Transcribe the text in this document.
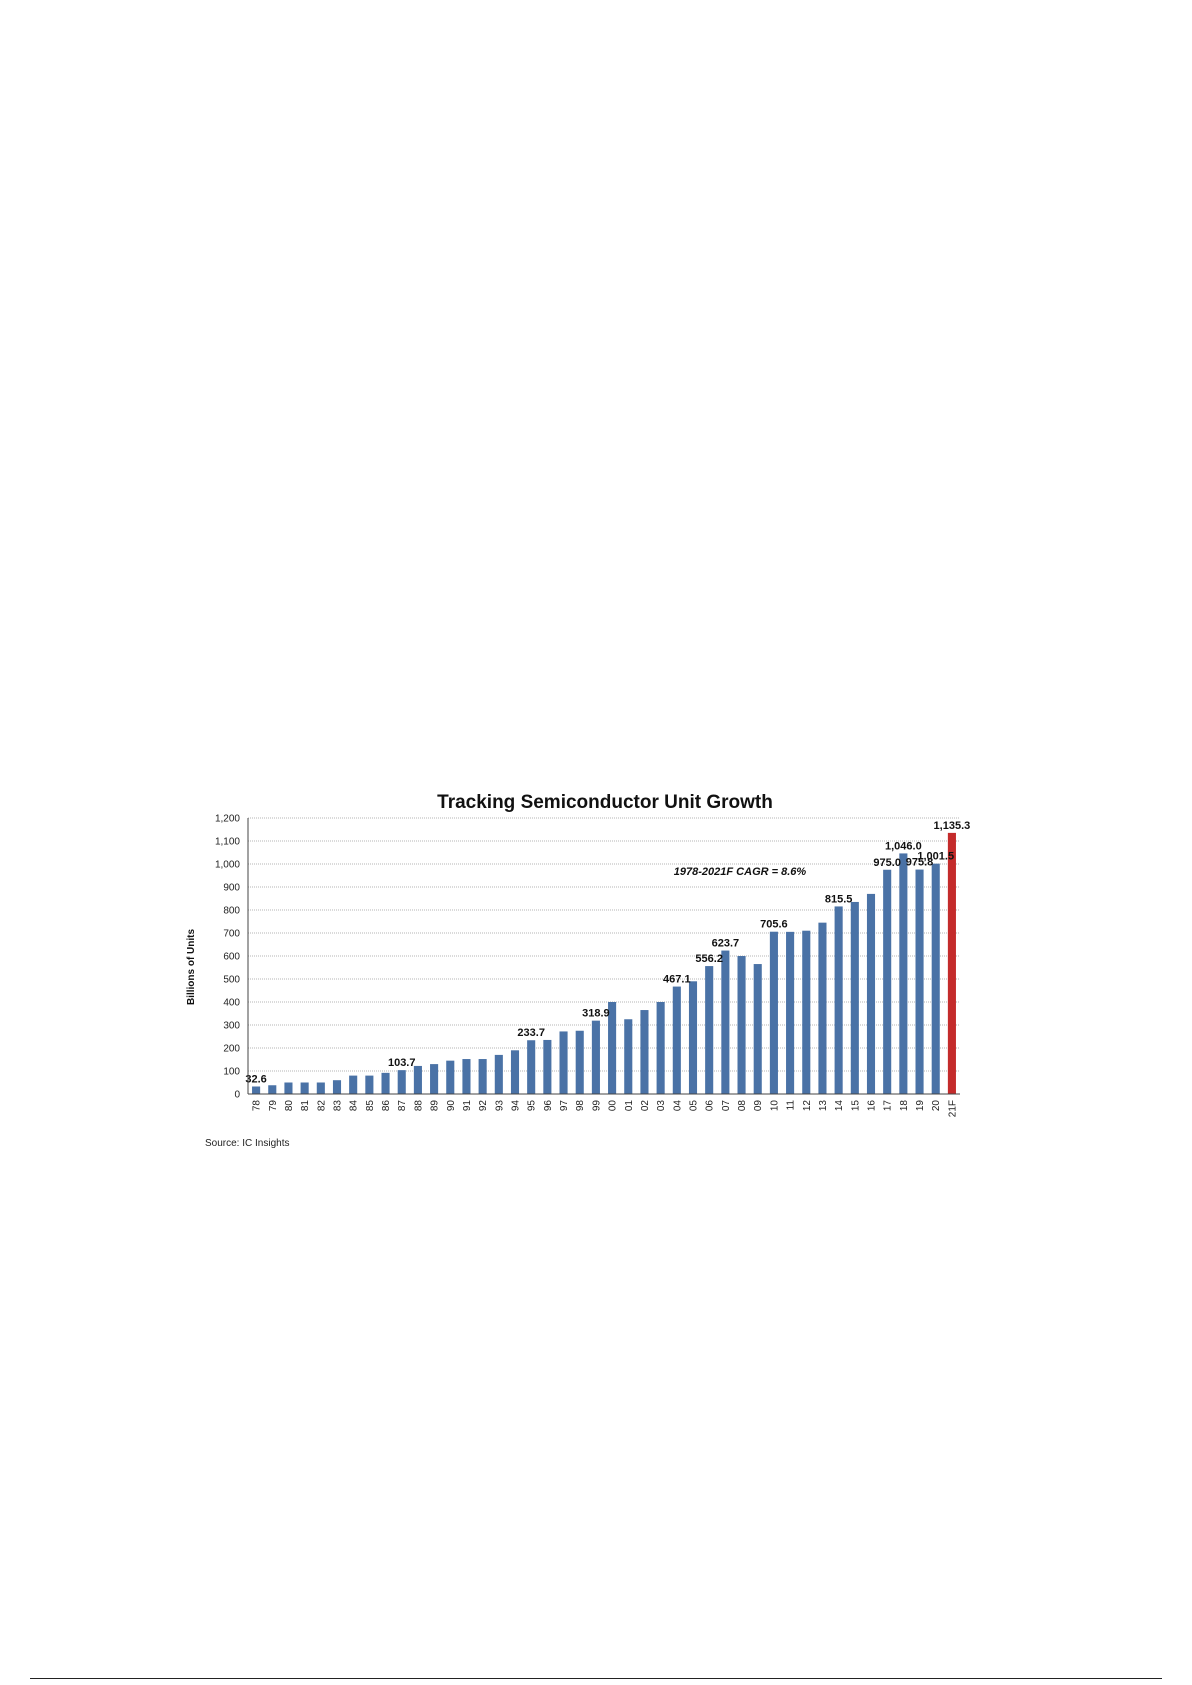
Tracking Semiconductor Unit Growth
Billions of Units
0
100
200
300
400
500
600
700
800
900
1,000
1,100
1,200
78 79 80 81 82 83 84 85 86 87 88 89 90 91 92 93 94 95 96 97 98 99 00 01 02 03 04 05 06 07 08 09 10 11 12 13 14 15 16 17 18 19 20 21F
32.6
103.7
233.7
318.9
467.1
556.2
623.7
705.6
815.5
975.0
1,046.0
975.8
1,001.5
1,135.3
1978-2021F CAGR = 8.6%
Source: IC Insights
